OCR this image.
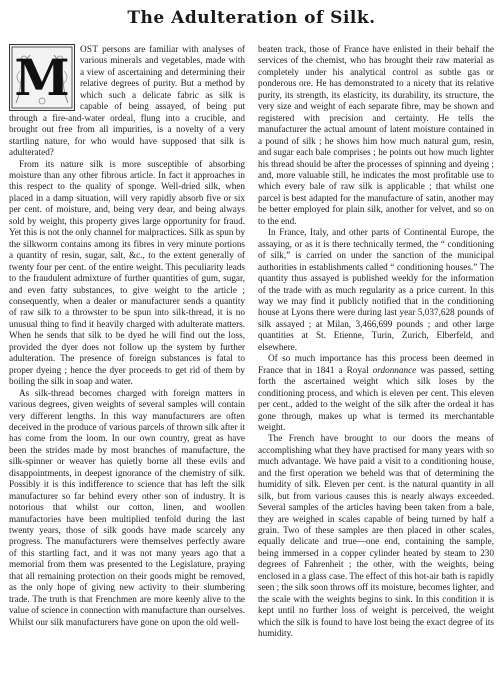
The Adulteration of Silk.

M OST persons are familiar with analyses of various minerals and vegetables, made with a view of ascertaining and determining their relative degrees of purity. But a method by which such a delicate fabric as silk is capable of being assayed, of being put through a fire-and-water ordeal, flung into a crucible, and brought out free from all impurities, is a novelty of a very startling nature, for who would have supposed that silk is adulterated?

From its nature silk is more susceptible of absorbing moisture than any other fibrous article. In fact it approaches in this respect to the quality of sponge. Well-dried silk, when placed in a damp situation, will very rapidly absorb five or six per cent. of moisture, and, being very dear, and being always sold by weight, this property gives large opportunity for fraud. Yet this is not the only channel for malpractices. Silk as spun by the silkworm contains among its fibres in very minute portions a quantity of resin, sugar, salt, &c., to the extent generally of twenty four per cent. of the entire weight. This peculiarity leads to the fraudulent admixture of further quantities of gum, sugar, and even fatty substances, to give weight to the article ; consequently, when a dealer or manufacturer sends a quantity of raw silk to a throwster to be spun into silk-thread, it is no unusual thing to find it heavily charged with adulterate matters. When he sends that silk to be dyed he will find out the loss, provided the dyer does not follow up the system by further adulteration. The presence of foreign substances is fatal to proper dyeing ; hence the dyer proceeds to get rid of them by boiling the silk in soap and water.

As silk-thread becomes charged with foreign matters in various degrees, given weights of several samples will contain very different lengths. In this way manufacturers are often deceived in the produce of various parcels of thrown silk after it has come from the loom. In our own country, great as have been the strides made by most branches of manufacture, the silk-spinner or weaver has quietly borne all these evils and disappointments, in deepest ignorance of the chemistry of silk. Possibly it is this indifference to science that has left the silk manufacturer so far behind every other son of industry. It is notorious that whilst our cotton, linen, and woollen manufactories have been multiplied tenfold during the last twenty years, those of silk goods have made scarcely any progress. The manufacturers were themselves perfectly aware of this startling fact, and it was not many years ago that a memorial from them was presented to the Legislature, praying that all remaining protection on their goods might be removed, as the only hope of giving new activity to their slumbering trade. The truth is that Frenchmen are more keenly alive to the value of science in connection with manufacture than ourselves. Whilst our silk manufacturers have gone on upon the old well-

beaten track, those of France have enlisted in their behalf the services of the chemist, who has brought their raw material as completely under his analytical control as subtle gas or ponderous ore. He has demonstrated to a nicety that its relative purity, its strength, its elasticity, its durability, its structure, the very size and weight of each separate fibre, may be shown and registered with precision and certainty. He tells the manufacturer the actual amount of latent moisture contained in a pound of silk ; he shows him how much natural gum, resin, and sugar each bale comprises ; he points out how much lighter his thread should be after the processes of spinning and dyeing ; and, more valuable still, he indicates the most profitable use to which every bale of raw silk is applicable ; that whilst one parcel is best adapted for the manufacture of satin, another may be better employed for plain silk, another for velvet, and so on to the end.

In France, Italy, and other parts of Continental Europe, the assaying, or as it is there technically termed, the “ conditioning of silk,” is carried on under the sanction of the municipal authorities in establishments called “ conditioning houses.” The quantity thus assayed is published weekly for the information of the trade with as much regularity as a price current. In this way we may find it publicly notified that in the conditioning house at Lyons there were during last year 5,037,628 pounds of silk assayed ; at Milan, 3,466,699 pounds ; and other large quantities at St. Etienne, Turin, Zurich, Elberfeld, and elsewhere.

Of so much importance has this process been deemed in France that in 1841 a Royal ordonnance was passed, setting forth the ascertained weight which silk loses by the conditioning process, and which is eleven per cent. This eleven per cent., added to the weight of the silk after the ordeal it has gone through, makes up what is termed its merchantable weight.

The French have brought to our doors the means of accomplishing what they have practised for many years with so much advantage. We have paid a visit to a conditioning house, and the first operation we beheld was that of determining the humidity of silk. Eleven per cent. is the natural quantity in all silk, but from various causes this is nearly always exceeded. Several samples of the articles having been taken from a bale, they are weighed in scales capable of being turned by half a grain. Two of these samples are then placed in other scales, equally delicate and true—one end, containing the sample, being immersed in a copper cylinder heated by steam to 230 degrees of Fahrenheit ; the other, with the weights, being enclosed in a glass case. The effect of this hot-air bath is rapidly seen ; the silk soon throws off its moisture, becomes lighter, and the scale with the weights begins to sink. In this condition it is kept until no further loss of weight is perceived, the weight which the silk is found to have lost being the exact degree of its humidity.
